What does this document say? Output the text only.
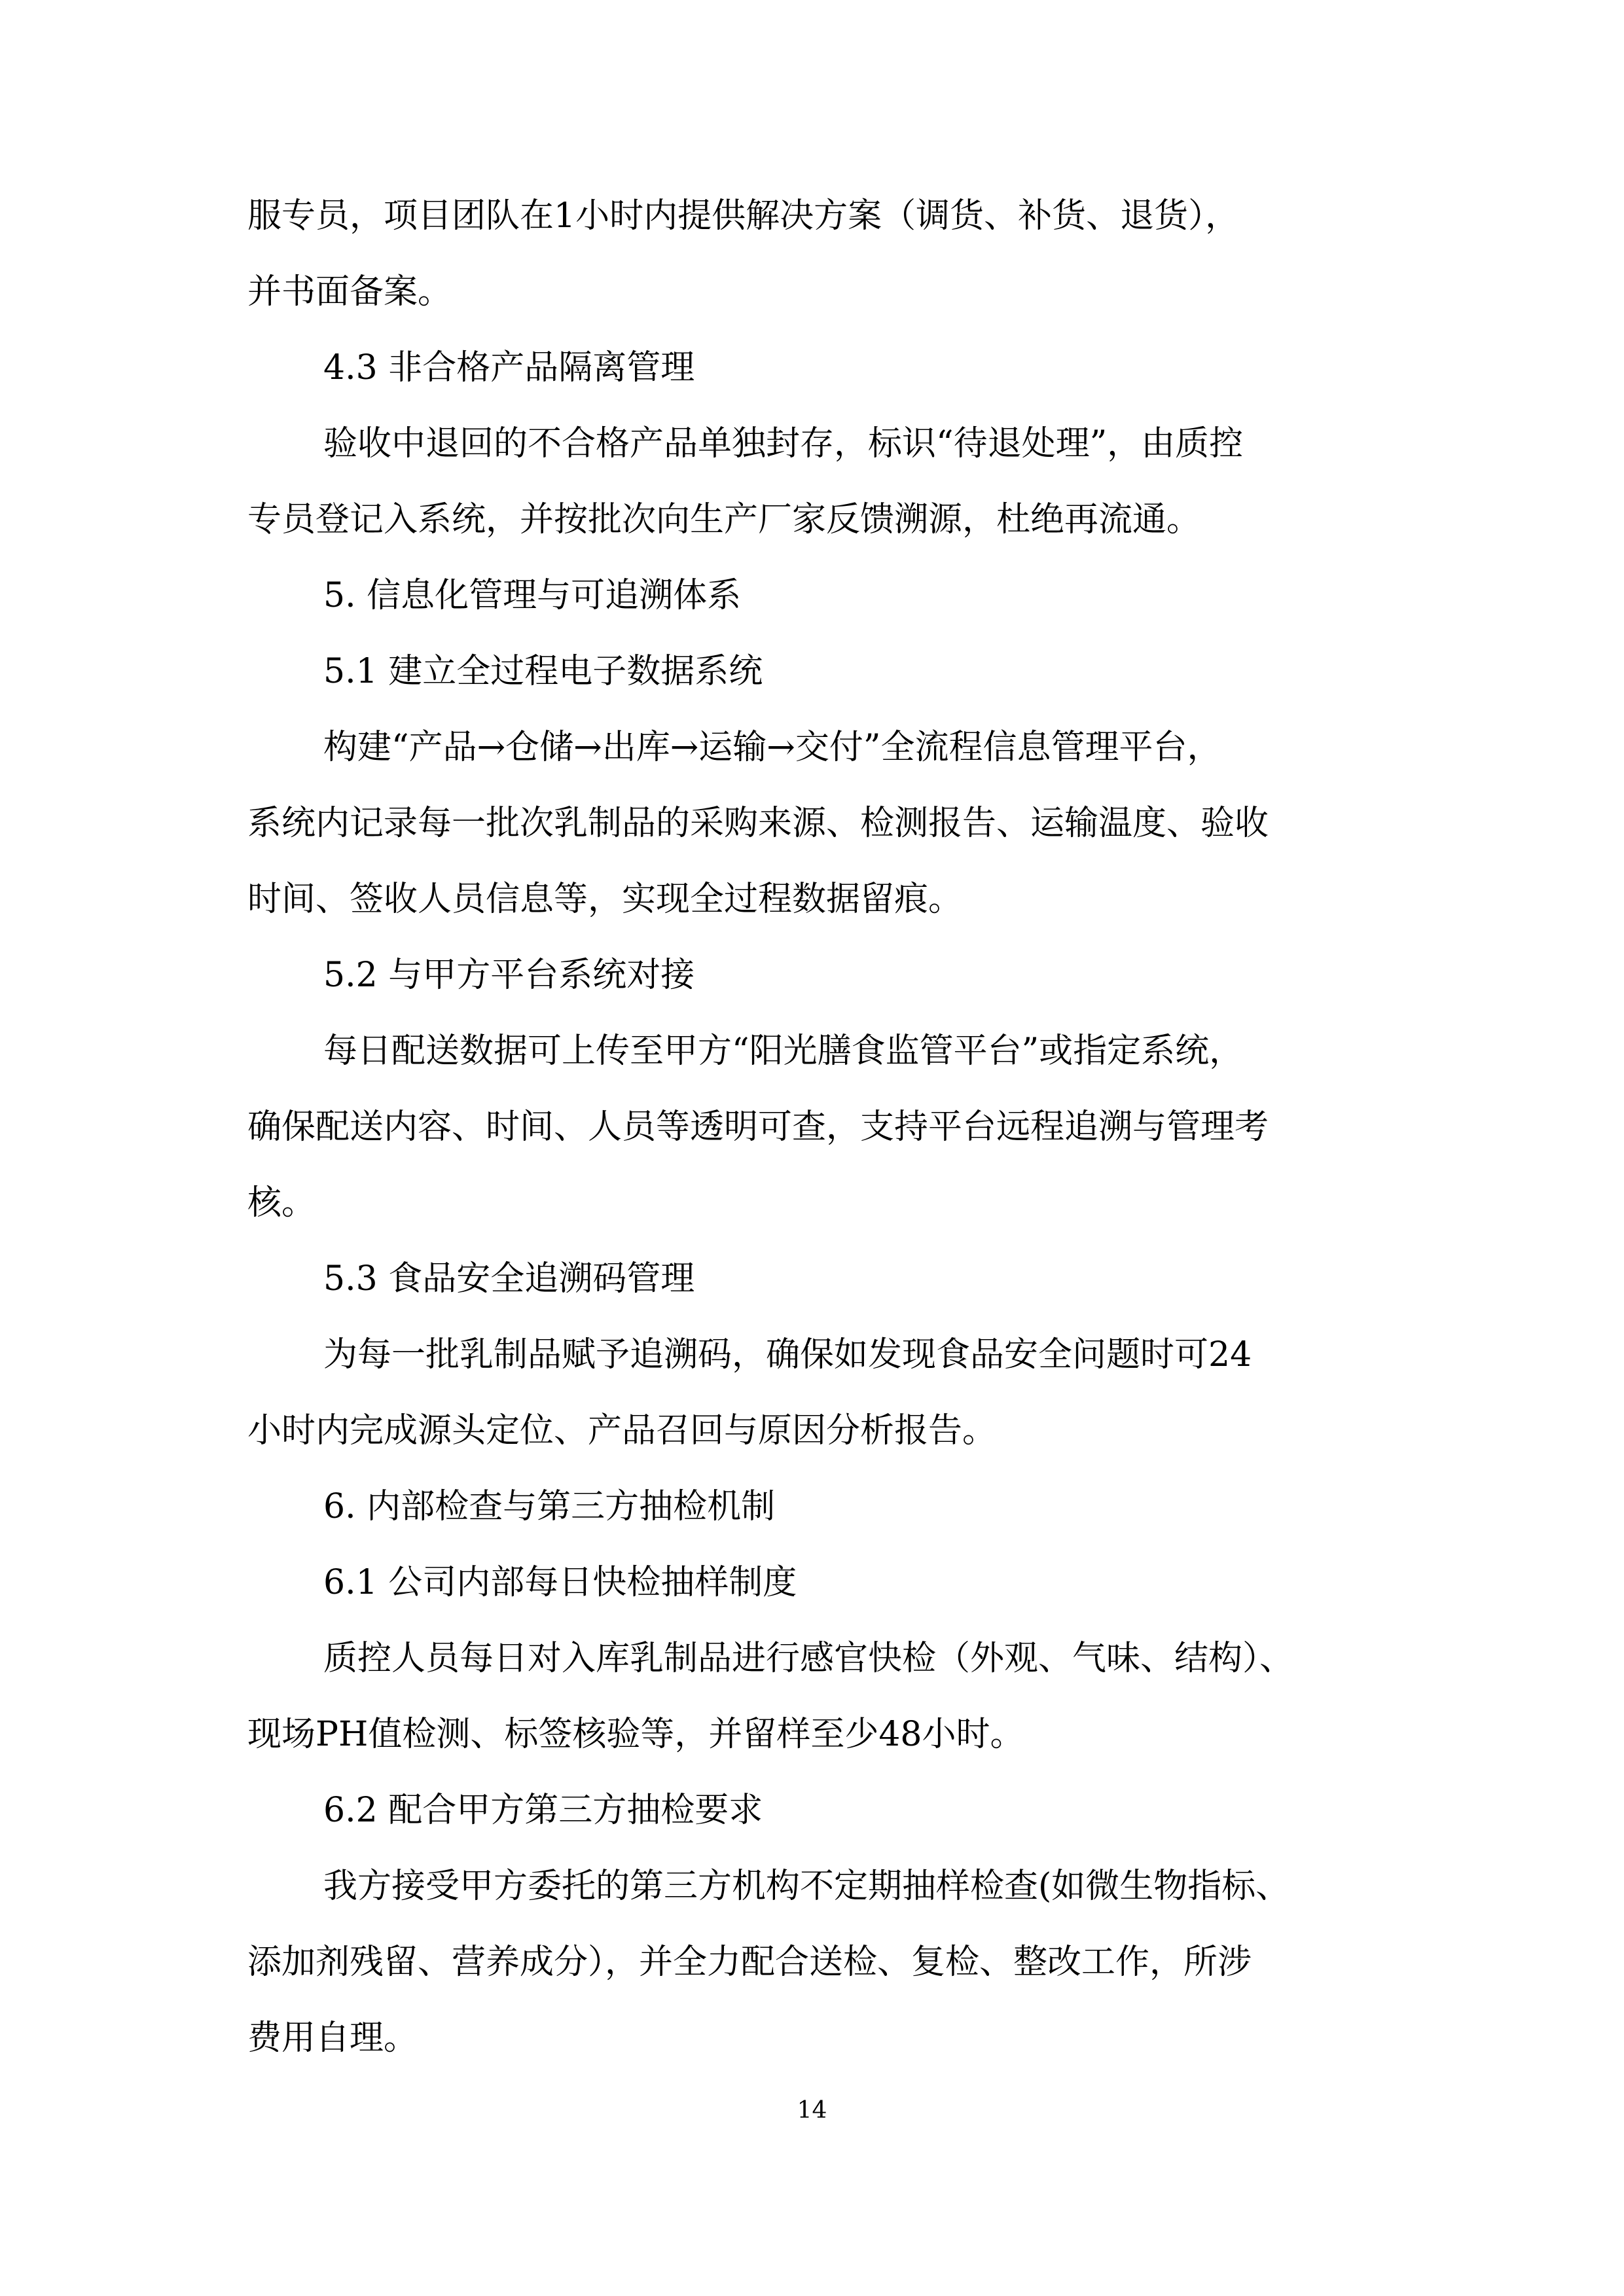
服专员，项目团队在1小时内提供解决方案（调货、补货、退货），
并书面备案。
4.3 非合格产品隔离管理
验收中退回的不合格产品单独封存，标识“待退处理”，由质控
专员登记入系统，并按批次向生产厂家反馈溯源，杜绝再流通。
5. 信息化管理与可追溯体系
5.1 建立全过程电子数据系统
构建“产品→仓储→出库→运输→交付”全流程信息管理平台，
系统内记录每一批次乳制品的采购来源、检测报告、运输温度、验收
时间、签收人员信息等，实现全过程数据留痕。
5.2 与甲方平台系统对接
每日配送数据可上传至甲方“阳光膳食监管平台”或指定系统，
确保配送内容、时间、人员等透明可查，支持平台远程追溯与管理考
核。
5.3 食品安全追溯码管理
为每一批乳制品赋予追溯码，确保如发现食品安全问题时可24
小时内完成源头定位、产品召回与原因分析报告。
6. 内部检查与第三方抽检机制
6.1 公司内部每日快检抽样制度
质控人员每日对入库乳制品进行感官快检（外观、气味、结构）、
现场PH值检测、标签核验等，并留样至少48小时。
6.2 配合甲方第三方抽检要求
我方接受甲方委托的第三方机构不定期抽样检查(如微生物指标、
添加剂残留、营养成分），并全力配合送检、复检、整改工作，所涉
费用自理。
14
